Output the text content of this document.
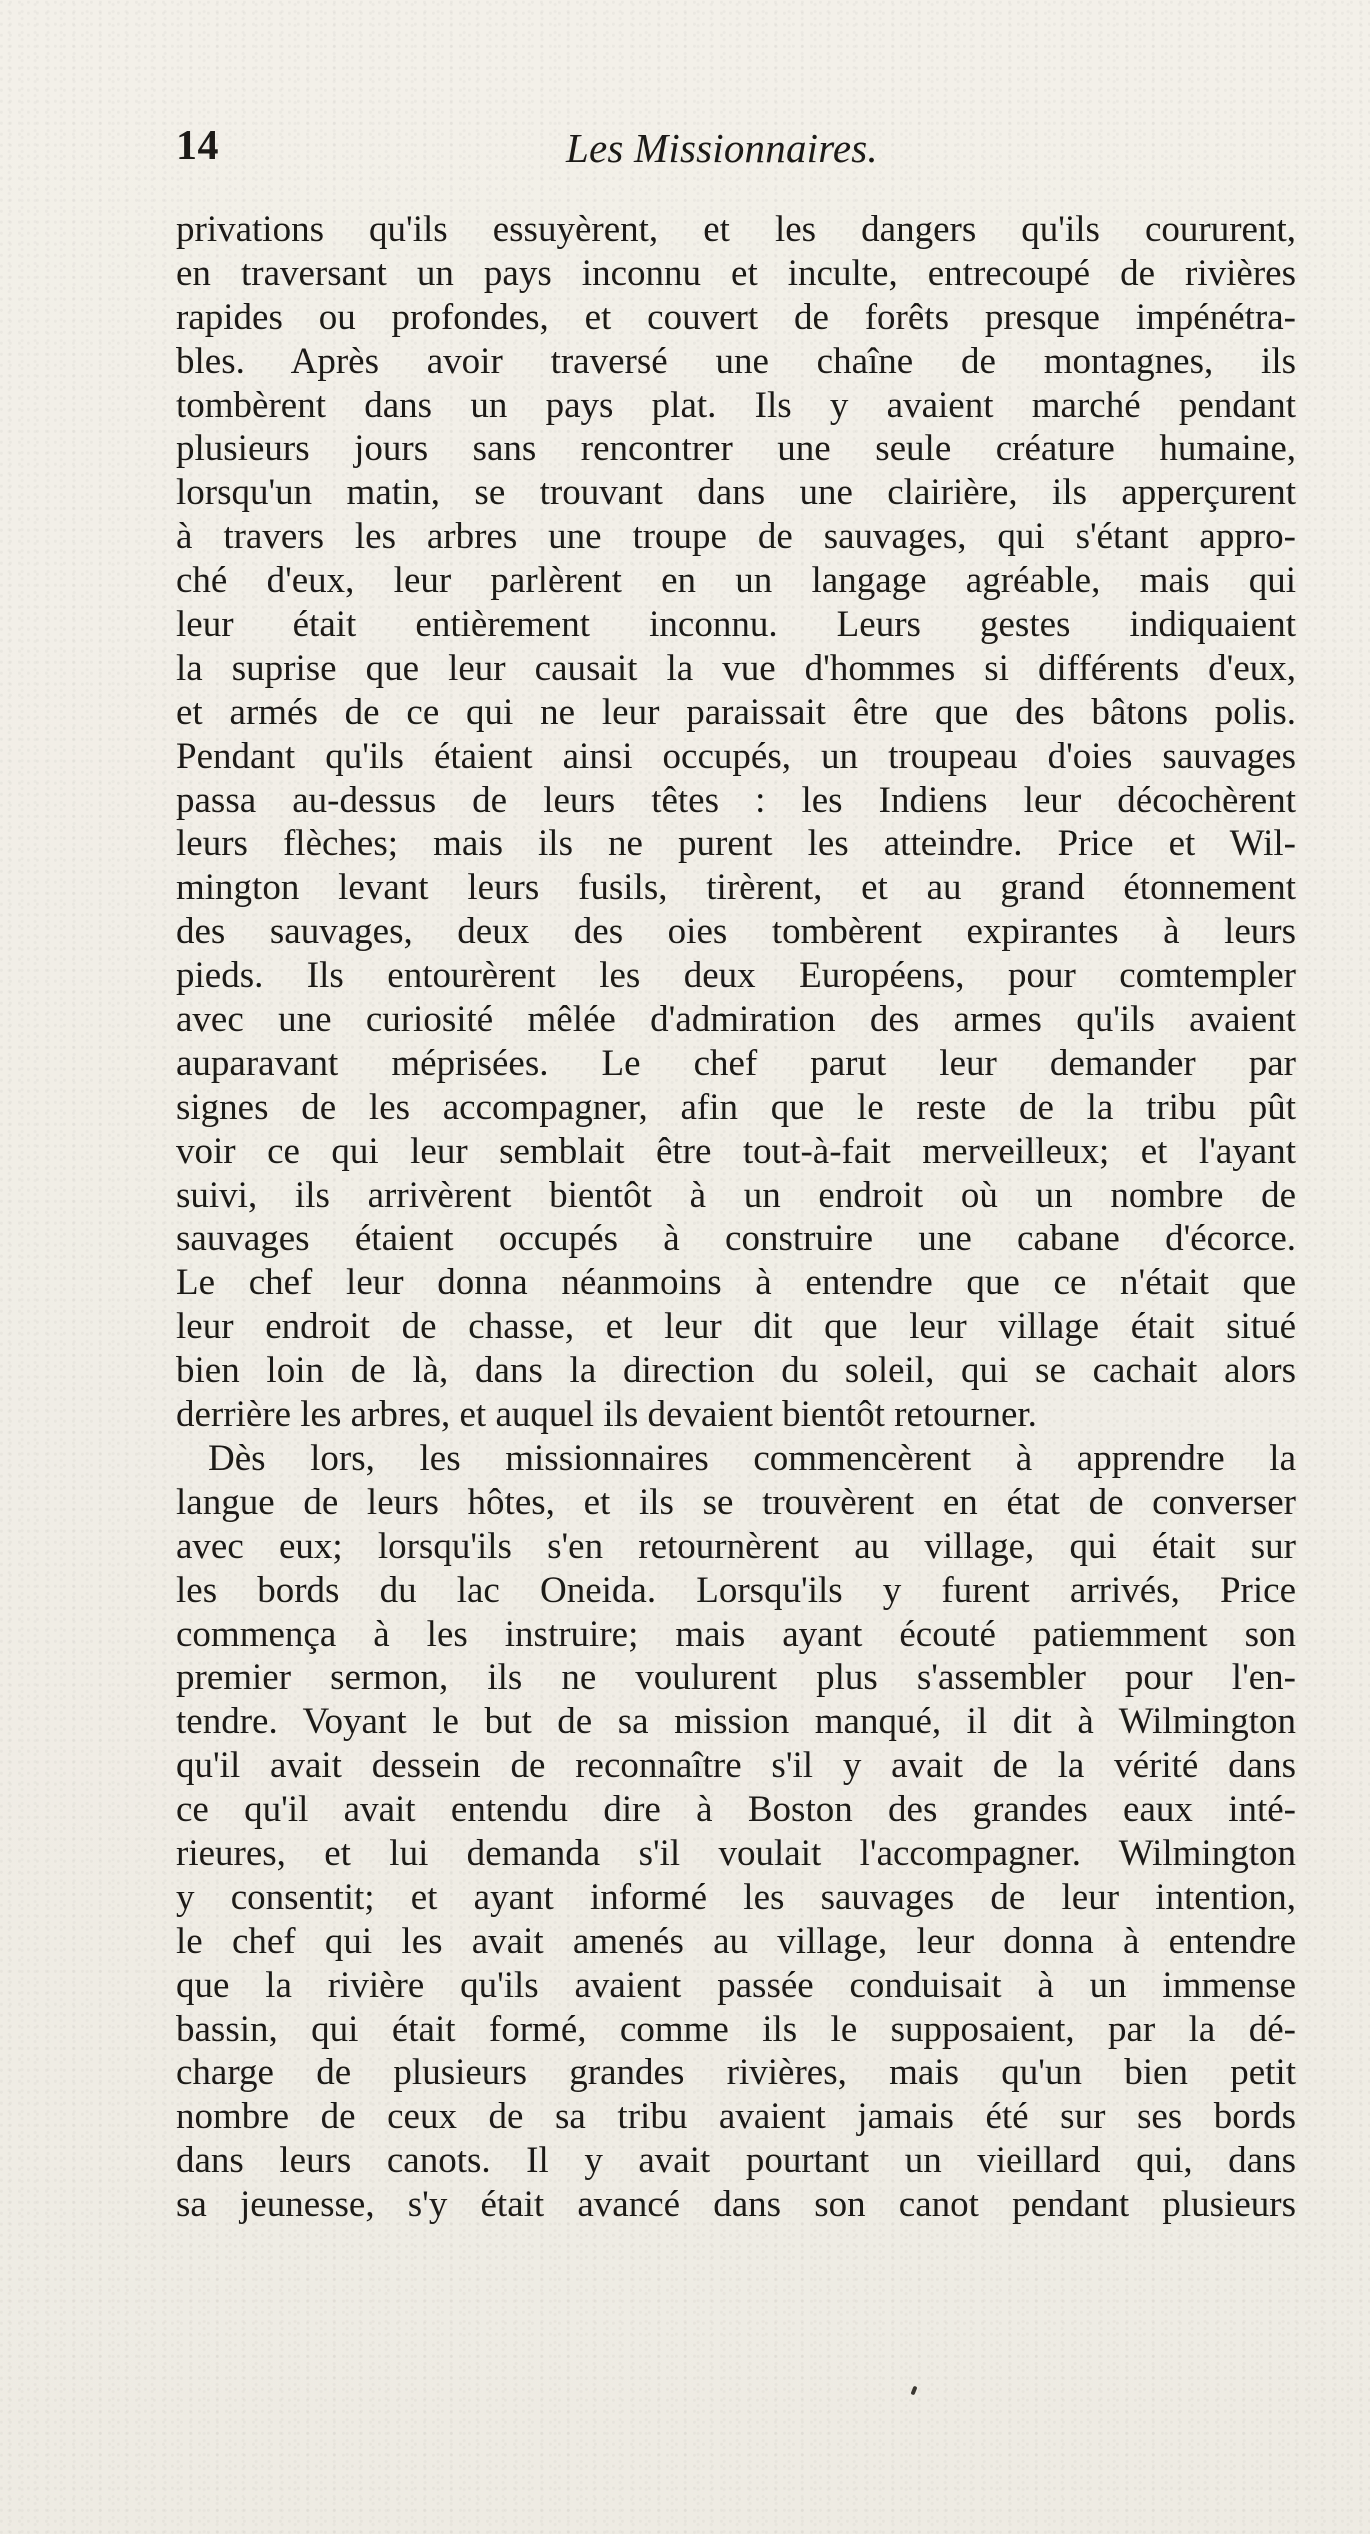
14	Les Missionnaires.
privations qu'ils essuyèrent, et les dangers qu'ils coururent,
en traversant un pays inconnu et inculte, entrecoupé de rivières
rapides ou profondes, et couvert de forêts presque impénétra-
bles. Après avoir traversé une chaîne de montagnes, ils
tombèrent dans un pays plat. Ils y avaient marché pendant
plusieurs jours sans rencontrer une seule créature humaine,
lorsqu'un matin, se trouvant dans une clairière, ils apperçurent
à travers les arbres une troupe de sauvages, qui s'étant appro-
ché d'eux, leur parlèrent en un langage agréable, mais qui
leur était entièrement inconnu. Leurs gestes indiquaient
la suprise que leur causait la vue d'hommes si différents d'eux,
et armés de ce qui ne leur paraissait être que des bâtons polis.
Pendant qu'ils étaient ainsi occupés, un troupeau d'oies sauvages
passa au-dessus de leurs têtes : les Indiens leur décochèrent
leurs flèches; mais ils ne purent les atteindre. Price et Wil-
mington levant leurs fusils, tirèrent, et au grand étonnement
des sauvages, deux des oies tombèrent expirantes à leurs
pieds. Ils entourèrent les deux Européens, pour comtempler
avec une curiosité mêlée d'admiration des armes qu'ils avaient
auparavant méprisées. Le chef parut leur demander par
signes de les accompagner, afin que le reste de la tribu pût
voir ce qui leur semblait être tout-à-fait merveilleux; et l'ayant
suivi, ils arrivèrent bientôt à un endroit où un nombre de
sauvages étaient occupés à construire une cabane d'écorce.
Le chef leur donna néanmoins à entendre que ce n'était que
leur endroit de chasse, et leur dit que leur village était situé
bien loin de là, dans la direction du soleil, qui se cachait alors
derrière les arbres, et auquel ils devaient bientôt retourner.
Dès lors, les missionnaires commencèrent à apprendre la
langue de leurs hôtes, et ils se trouvèrent en état de converser
avec eux; lorsqu'ils s'en retournèrent au village, qui était sur
les bords du lac Oneida. Lorsqu'ils y furent arrivés, Price
commença à les instruire; mais ayant écouté patiemment son
premier sermon, ils ne voulurent plus s'assembler pour l'en-
tendre. Voyant le but de sa mission manqué, il dit à Wilmington
qu'il avait dessein de reconnaître s'il y avait de la vérité dans
ce qu'il avait entendu dire à Boston des grandes eaux inté-
rieures, et lui demanda s'il voulait l'accompagner. Wilmington
y consentit; et ayant informé les sauvages de leur intention,
le chef qui les avait amenés au village, leur donna à entendre
que la rivière qu'ils avaient passée conduisait à un immense
bassin, qui était formé, comme ils le supposaient, par la dé-
charge de plusieurs grandes rivières, mais qu'un bien petit
nombre de ceux de sa tribu avaient jamais été sur ses bords
dans leurs canots. Il y avait pourtant un vieillard qui, dans
sa jeunesse, s'y était avancé dans son canot pendant plusieurs
